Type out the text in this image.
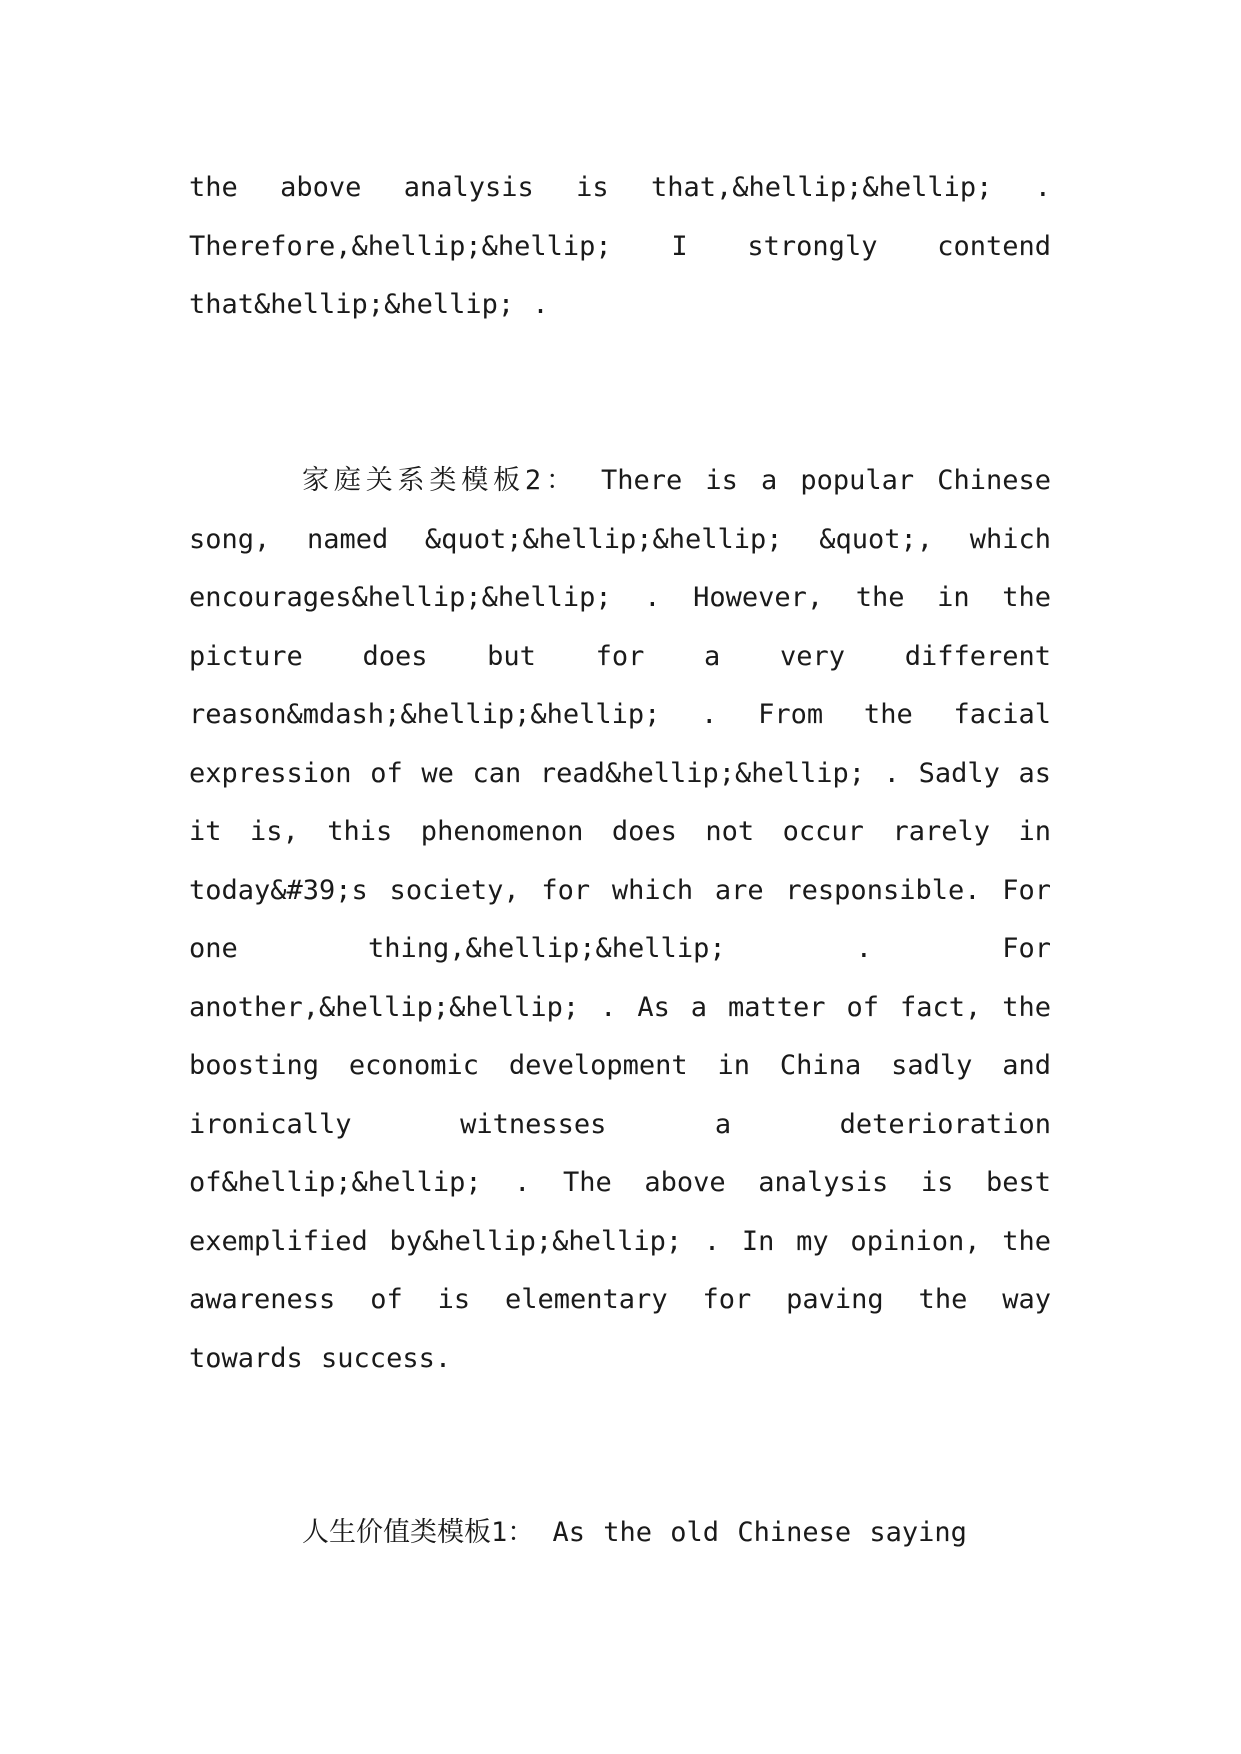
the above analysis is that,&hellip;&hellip; . Therefore,&hellip;&hellip; I strongly contend that&hellip;&hellip; .

家庭关系类模板2： There is a popular Chinese song, named &quot;&hellip;&hellip; &quot;, which encourages&hellip;&hellip; . However, the in the picture does but for a very different reason&mdash;&hellip;&hellip; . From the facial expression of we can read&hellip;&hellip; . Sadly as it is, this phenomenon does not occur rarely in today&#39;s society, for which are responsible. For one thing,&hellip;&hellip; . For another,&hellip;&hellip; . As a matter of fact, the boosting economic development in China sadly and ironically witnesses a deterioration of&hellip;&hellip; . The above analysis is best exemplified by&hellip;&hellip; . In my opinion, the awareness of is elementary for paving the way towards success.

人生价值类模板1： As the old Chinese saying
